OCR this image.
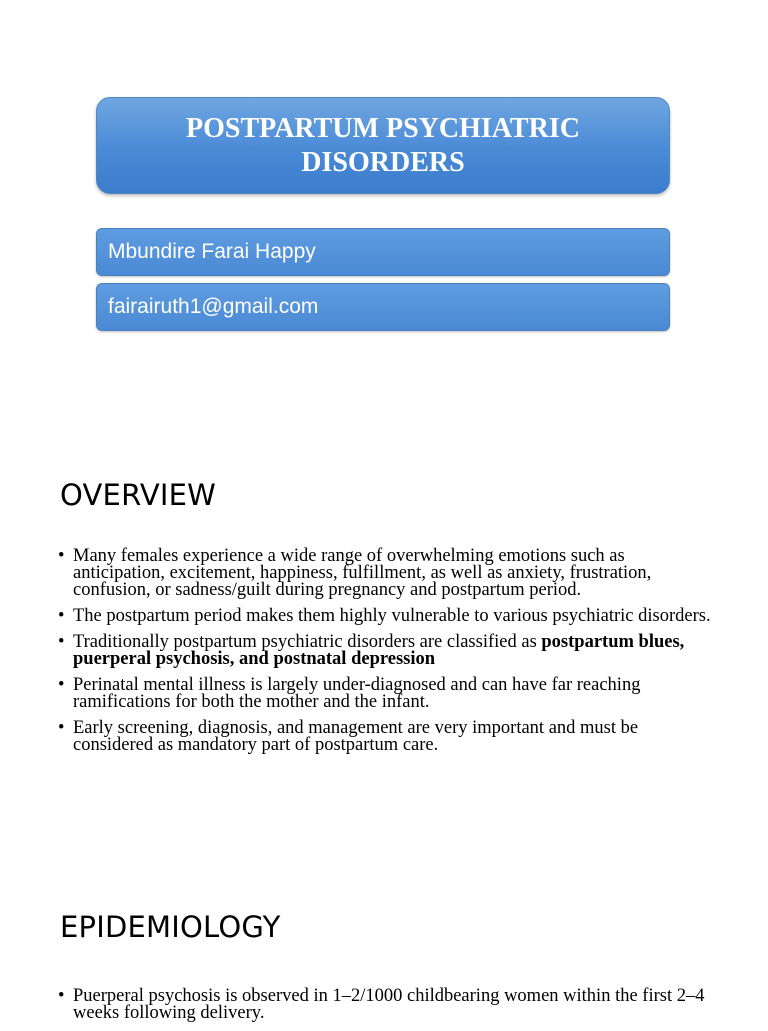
POSTPARTUM PSYCHIATRIC DISORDERS
Mbundire Farai Happy
fairairuth1@gmail.com
OVERVIEW
• Many females experience a wide range of overwhelming emotions such as anticipation, excitement, happiness, fulfillment, as well as anxiety, frustration, confusion, or sadness/guilt during pregnancy and postpartum period.
• The postpartum period makes them highly vulnerable to various psychiatric disorders.
• Traditionally postpartum psychiatric disorders are classified as postpartum blues, puerperal psychosis, and postnatal depression
• Perinatal mental illness is largely under-diagnosed and can have far reaching ramifications for both the mother and the infant.
• Early screening, diagnosis, and management are very important and must be considered as mandatory part of postpartum care.
EPIDEMIOLOGY
• Puerperal psychosis is observed in 1–2/1000 childbearing women within the first 2–4 weeks following delivery.
